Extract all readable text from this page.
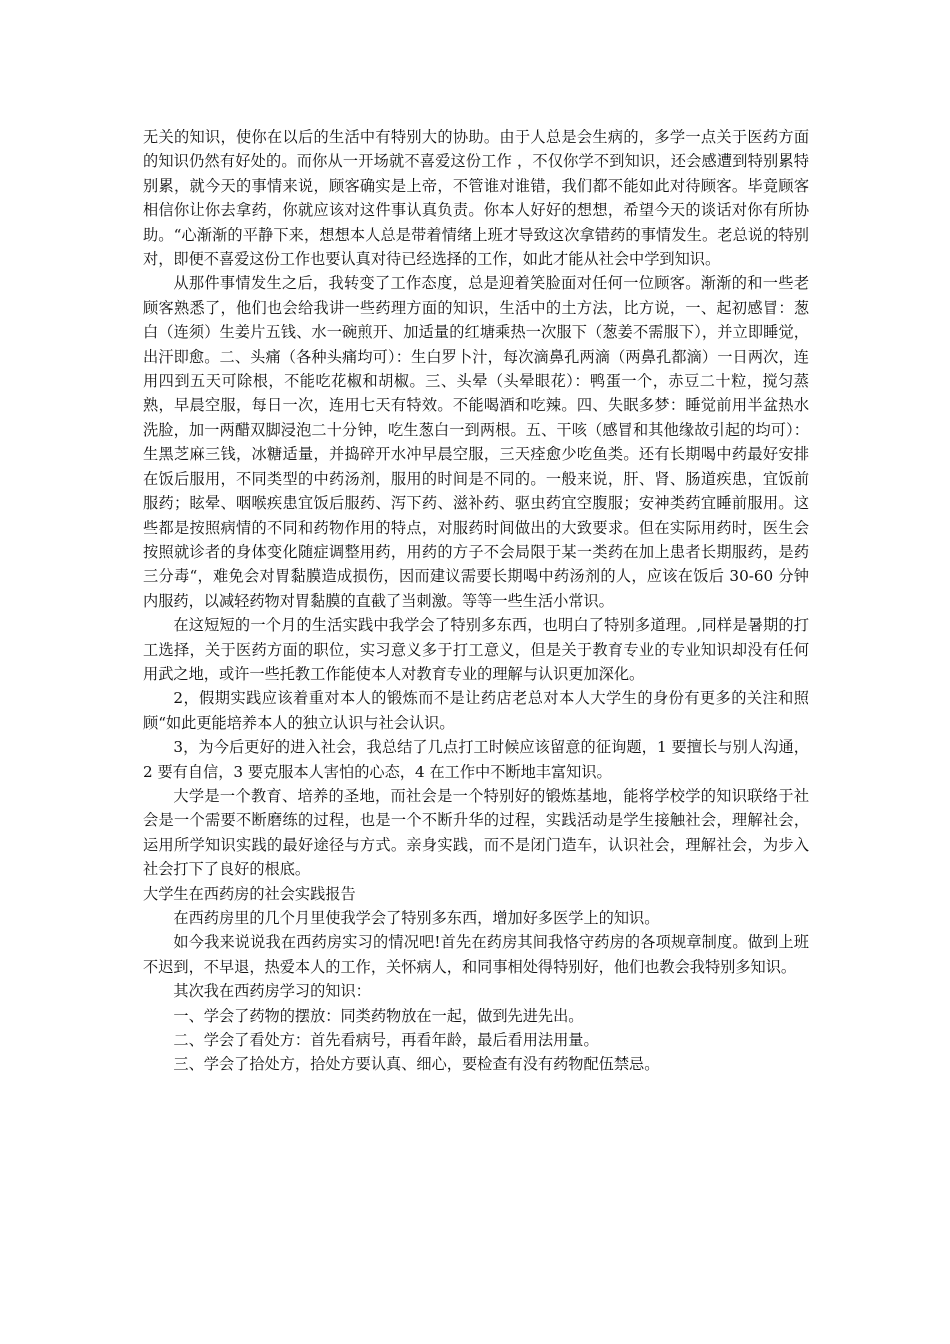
无关的知识，使你在以后的生活中有特别大的协助。由于人总是会生病的，多学一点关于医药方面的知识仍然有好处的。而你从一开场就不喜爱这份工作 ，不仅你学不到知识，还会感遭到特别累特别累，就今天的事情来说，顾客确实是上帝，不管谁对谁错，我们都不能如此对待顾客。毕竟顾客相信你让你去拿药，你就应该对这件事认真负责。你本人好好的想想，希望今天的谈话对你有所协助。“心渐渐的平静下来，想想本人总是带着情绪上班才导致这次拿错药的事情发生。老总说的特别对，即便不喜爱这份工作也要认真对待已经选择的工作，如此才能从社会中学到知识。

从那件事情发生之后，我转变了工作态度，总是迎着笑脸面对任何一位顾客。渐渐的和一些老顾客熟悉了，他们也会给我讲一些药理方面的知识，生活中的土方法，比方说，一、起初感冒：葱白（连须）生姜片五钱、水一碗煎开、加适量的红塘乘热一次服下（葱姜不需服下），并立即睡觉，出汗即愈。二、头痛（各种头痛均可）：生白罗卜汁，每次滴鼻孔两滴（两鼻孔都滴）一日两次，连用四到五天可除根，不能吃花椒和胡椒。三、头晕（头晕眼花）：鸭蛋一个，赤豆二十粒，搅匀蒸熟，早晨空服，每日一次，连用七天有特效。不能喝酒和吃辣。四、失眠多梦：睡觉前用半盆热水洗脸，加一两醋双脚浸泡二十分钟，吃生葱白一到两根。五、干咳（感冒和其他缘故引起的均可）：生黑芝麻三钱，冰糖适量，并捣碎开水冲早晨空服，三天痊愈少吃鱼类。还有长期喝中药最好安排在饭后服用，不同类型的中药汤剂，服用的时间是不同的。一般来说，肝、肾、肠道疾患，宜饭前服药；眩晕、咽喉疾患宜饭后服药、泻下药、滋补药、驱虫药宜空腹服；安神类药宜睡前服用。这些都是按照病情的不同和药物作用的特点，对服药时间做出的大致要求。但在实际用药时，医生会按照就诊者的身体变化随症调整用药，用药的方子不会局限于某一类药在加上患者长期服药，是药三分毒“，难免会对胃黏膜造成损伤，因而建议需要长期喝中药汤剂的人，应该在饭后 30-60 分钟内服药，以减轻药物对胃黏膜的直截了当刺激。等等一些生活小常识。

在这短短的一个月的生活实践中我学会了特别多东西，也明白了特别多道理。,同样是暑期的打工选择，关于医药方面的职位，实习意义多于打工意义，但是关于教育专业的专业知识却没有任何用武之地，或许一些托教工作能使本人对教育专业的理解与认识更加深化。

2，假期实践应该着重对本人的锻炼而不是让药店老总对本人大学生的身份有更多的关注和照顾“如此更能培养本人的独立认识与社会认识。

3，为今后更好的进入社会，我总结了几点打工时候应该留意的征询题，1 要擅长与别人沟通，2 要有自信，3 要克服本人害怕的心态，4 在工作中不断地丰富知识。

大学是一个教育、培养的圣地，而社会是一个特别好的锻炼基地，能将学校学的知识联络于社会是一个需要不断磨练的过程，也是一个不断升华的过程，实践活动是学生接触社会，理解社会，运用所学知识实践的最好途径与方式。亲身实践，而不是闭门造车，认识社会，理解社会，为步入社会打下了良好的根底。

大学生在西药房的社会实践报告

在西药房里的几个月里使我学会了特别多东西，增加好多医学上的知识。

如今我来说说我在西药房实习的情况吧!首先在药房其间我恪守药房的各项规章制度。做到上班不迟到，不早退，热爱本人的工作，关怀病人，和同事相处得特别好，他们也教会我特别多知识。

其次我在西药房学习的知识：

一、学会了药物的摆放：同类药物放在一起，做到先进先出。

二、学会了看处方：首先看病号，再看年龄，最后看用法用量。

三、学会了拾处方，拾处方要认真、细心，要检查有没有药物配伍禁忌。
